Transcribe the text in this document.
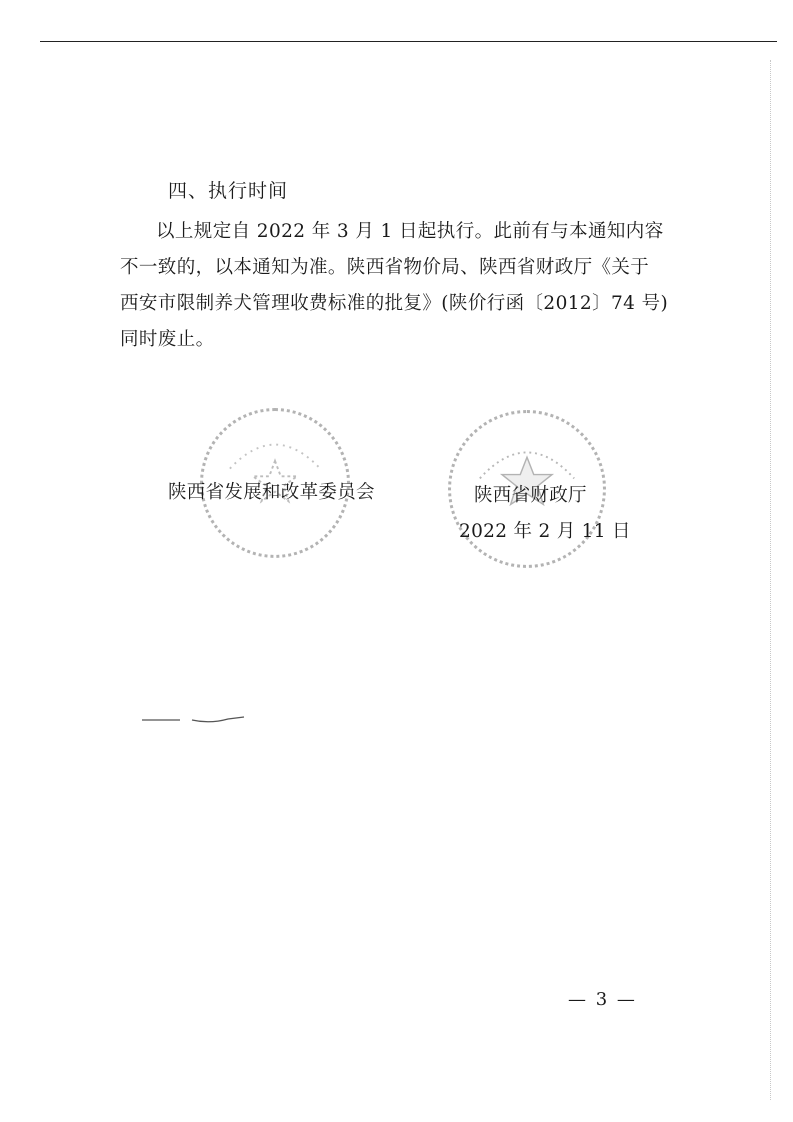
四、执行时间
以上规定自 2022 年 3 月 1 日起执行。此前有与本通知内容
不一致的，以本通知为准。陕西省物价局、陕西省财政厅《关于
西安市限制养犬管理收费标准的批复》(陕价行函〔2012〕74 号)
同时废止。
陕西省发展和改革委员会	陕西省财政厅
2022 年 2 月 11 日
— 3 —
